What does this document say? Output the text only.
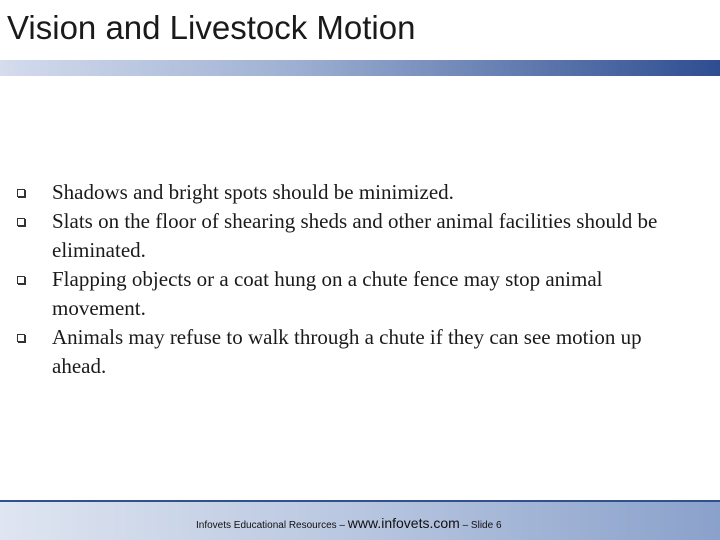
Vision and Livestock Motion
Shadows and bright spots should be minimized.
Slats on the floor of shearing sheds and other animal facilities should be eliminated.
Flapping objects or a coat hung on a chute fence may stop animal movement.
Animals may refuse to walk through a chute if they can see motion up ahead.
Infovets Educational Resources – www.infovets.com – Slide 6
